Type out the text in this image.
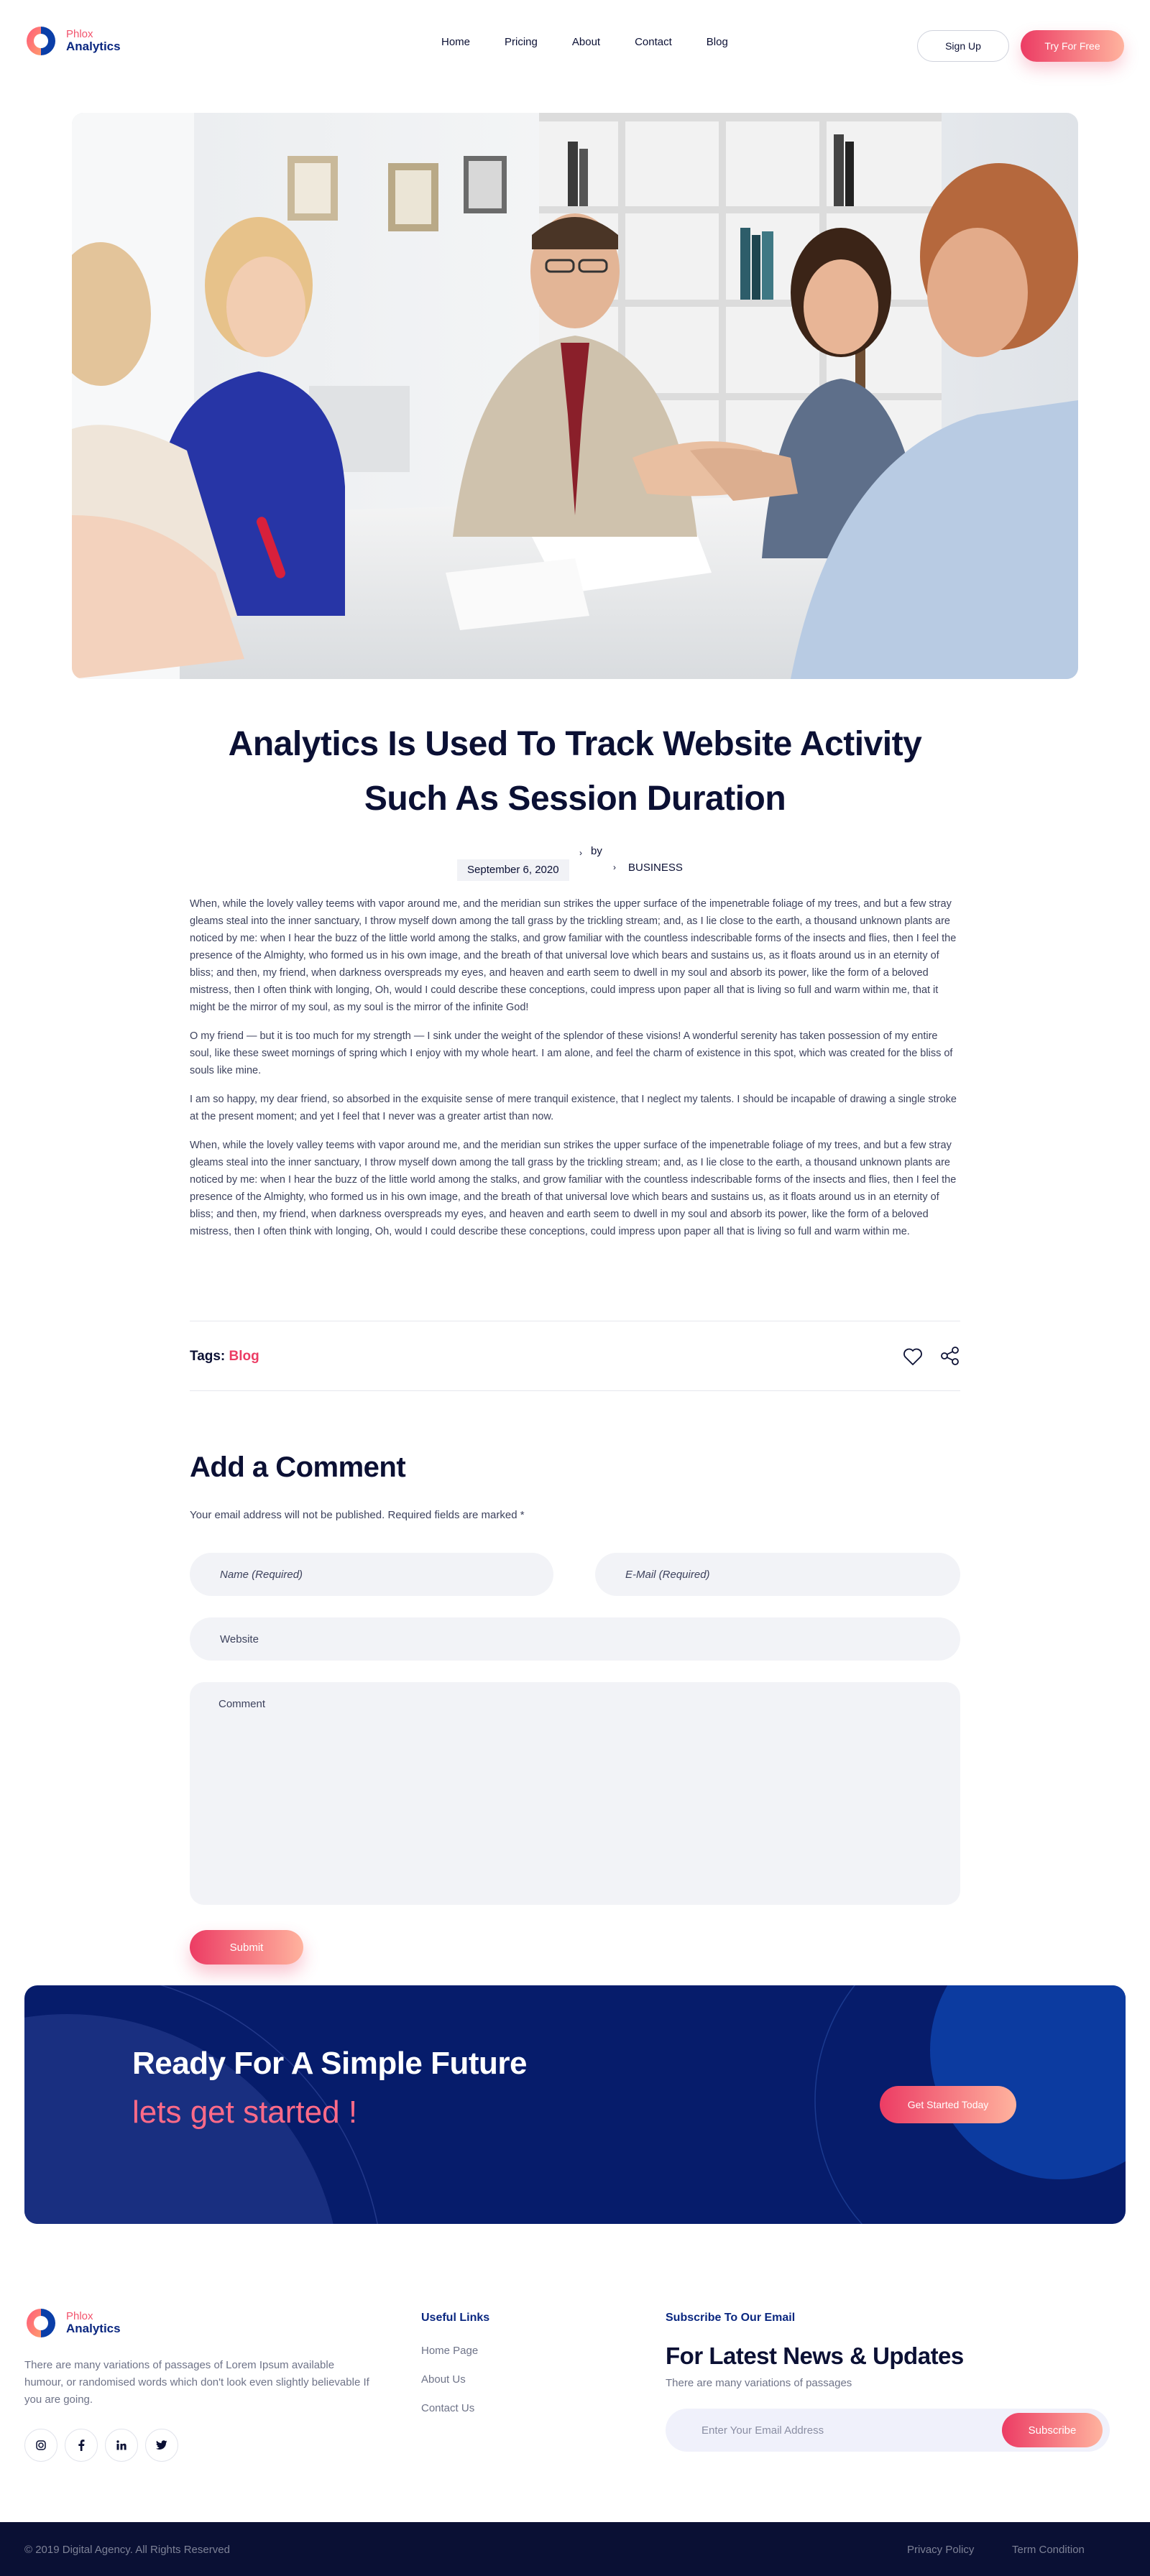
Phlox
Analytics	Home	Pricing	About	Contact	Blog	Sign Up	Try For Free
Analytics Is Used To Track Website Activity Such As Session Duration
› by
September 6, 2020	› BUSINESS

When, while the lovely valley teems with vapor around me, and the meridian sun strikes the upper surface of the impenetrable foliage of my trees, and but a few stray gleams steal into the inner sanctuary, I throw myself down among the tall grass by the trickling stream; and, as I lie close to the earth, a thousand unknown plants are noticed by me: when I hear the buzz of the little world among the stalks, and grow familiar with the countless indescribable forms of the insects and flies, then I feel the presence of the Almighty, who formed us in his own image, and the breath of that universal love which bears and sustains us, as it floats around us in an eternity of bliss; and then, my friend, when darkness overspreads my eyes, and heaven and earth seem to dwell in my soul and absorb its power, like the form of a beloved mistress, then I often think with longing, Oh, would I could describe these conceptions, could impress upon paper all that is living so full and warm within me, that it might be the mirror of my soul, as my soul is the mirror of the infinite God!

O my friend — but it is too much for my strength — I sink under the weight of the splendor of these visions! A wonderful serenity has taken possession of my entire soul, like these sweet mornings of spring which I enjoy with my whole heart. I am alone, and feel the charm of existence in this spot, which was created for the bliss of souls like mine.

I am so happy, my dear friend, so absorbed in the exquisite sense of mere tranquil existence, that I neglect my talents. I should be incapable of drawing a single stroke at the present moment; and yet I feel that I never was a greater artist than now.

When, while the lovely valley teems with vapor around me, and the meridian sun strikes the upper surface of the impenetrable foliage of my trees, and but a few stray gleams steal into the inner sanctuary, I throw myself down among the tall grass by the trickling stream; and, as I lie close to the earth, a thousand unknown plants are noticed by me: when I hear the buzz of the little world among the stalks, and grow familiar with the countless indescribable forms of the insects and flies, then I feel the presence of the Almighty, who formed us in his own image, and the breath of that universal love which bears and sustains us, as it floats around us in an eternity of bliss; and then, my friend, when darkness overspreads my eyes, and heaven and earth seem to dwell in my soul and absorb its power, like the form of a beloved mistress, then I often think with longing, Oh, would I could describe these conceptions, could impress upon paper all that is living so full and warm within me.

Tags: Blog
Add a Comment

Your email address will not be published. Required fields are marked *

Name (Required)
E-Mail (Required)
Website
Comment
Submit
Ready For A Simple Future
lets get started !	Get Started Today
Phlox
Analytics

There are many variations of passages of Lorem Ipsum available humour, or randomised words which don't look even slightly believable If you are going.

Useful Links
Home Page
About Us
Contact Us
Subscribe To Our Email
For Latest News & Updates
There are many variations of passages
Enter Your Email Address
Subscribe
© 2019 Digital Agency. All Rights Reserved	Privacy Policy	Term Condition
